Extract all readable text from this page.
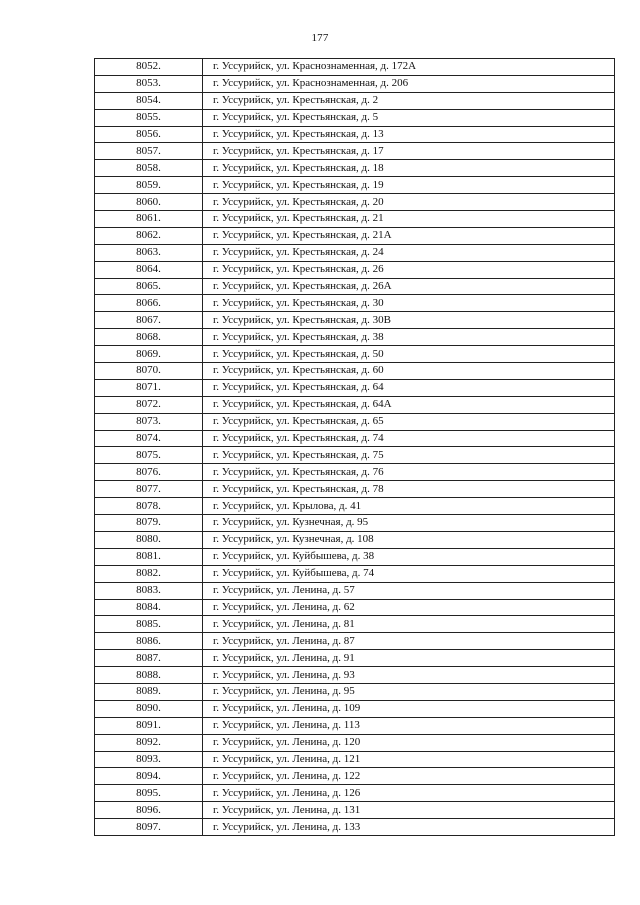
177
8052.	г. Уссурийск, ул. Краснознаменная, д. 172А
8053.	г. Уссурийск, ул. Краснознаменная, д. 206
8054.	г. Уссурийск, ул. Крестьянская, д. 2
8055.	г. Уссурийск, ул. Крестьянская, д. 5
8056.	г. Уссурийск, ул. Крестьянская, д. 13
8057.	г. Уссурийск, ул. Крестьянская, д. 17
8058.	г. Уссурийск, ул. Крестьянская, д. 18
8059.	г. Уссурийск, ул. Крестьянская, д. 19
8060.	г. Уссурийск, ул. Крестьянская, д. 20
8061.	г. Уссурийск, ул. Крестьянская, д. 21
8062.	г. Уссурийск, ул. Крестьянская, д. 21А
8063.	г. Уссурийск, ул. Крестьянская, д. 24
8064.	г. Уссурийск, ул. Крестьянская, д. 26
8065.	г. Уссурийск, ул. Крестьянская, д. 26А
8066.	г. Уссурийск, ул. Крестьянская, д. 30
8067.	г. Уссурийск, ул. Крестьянская, д. 30В
8068.	г. Уссурийск, ул. Крестьянская, д. 38
8069.	г. Уссурийск, ул. Крестьянская, д. 50
8070.	г. Уссурийск, ул. Крестьянская, д. 60
8071.	г. Уссурийск, ул. Крестьянская, д. 64
8072.	г. Уссурийск, ул. Крестьянская, д. 64А
8073.	г. Уссурийск, ул. Крестьянская, д. 65
8074.	г. Уссурийск, ул. Крестьянская, д. 74
8075.	г. Уссурийск, ул. Крестьянская, д. 75
8076.	г. Уссурийск, ул. Крестьянская, д. 76
8077.	г. Уссурийск, ул. Крестьянская, д. 78
8078.	г. Уссурийск, ул. Крылова, д. 41
8079.	г. Уссурийск, ул. Кузнечная, д. 95
8080.	г. Уссурийск, ул. Кузнечная, д. 108
8081.	г. Уссурийск, ул. Куйбышева, д. 38
8082.	г. Уссурийск, ул. Куйбышева, д. 74
8083.	г. Уссурийск, ул. Ленина, д. 57
8084.	г. Уссурийск, ул. Ленина, д. 62
8085.	г. Уссурийск, ул. Ленина, д. 81
8086.	г. Уссурийск, ул. Ленина, д. 87
8087.	г. Уссурийск, ул. Ленина, д. 91
8088.	г. Уссурийск, ул. Ленина, д. 93
8089.	г. Уссурийск, ул. Ленина, д. 95
8090.	г. Уссурийск, ул. Ленина, д. 109
8091.	г. Уссурийск, ул. Ленина, д. 113
8092.	г. Уссурийск, ул. Ленина, д. 120
8093.	г. Уссурийск, ул. Ленина, д. 121
8094.	г. Уссурийск, ул. Ленина, д. 122
8095.	г. Уссурийск, ул. Ленина, д. 126
8096.	г. Уссурийск, ул. Ленина, д. 131
8097.	г. Уссурийск, ул. Ленина, д. 133
